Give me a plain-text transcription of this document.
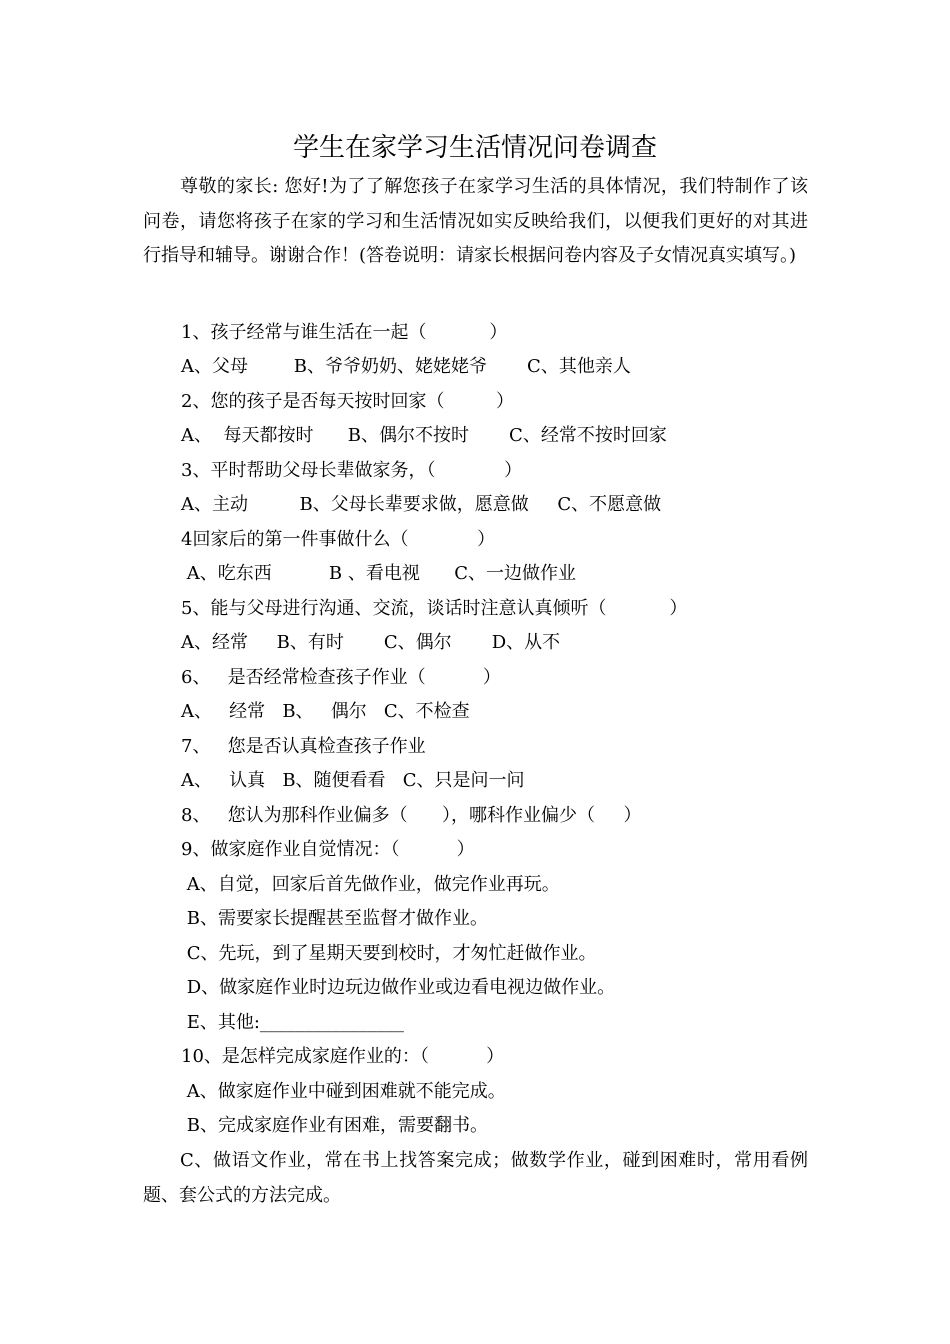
学生在家学习生活情况问卷调查
尊敬的家长: 您好!为了了解您孩子在家学习生活的具体情况，我们特制作了该问卷，请您将孩子在家的学习和生活情况如实反映给我们，以便我们更好的对其进行指导和辅导。谢谢合作！(答卷说明：请家长根据问卷内容及子女情况真实填写。)
1、孩子经常与谁生活在一起（           ）
A、父母        B、爷爷奶奶、姥姥姥爷       C、其他亲人
2、您的孩子是否每天按时回家（         ）
A、  每天都按时      B、偶尔不按时       C、经常不按时回家
3、平时帮助父母长辈做家务，（            ）
A、主动         B、父母长辈要求做，愿意做     C、不愿意做
4回家后的第一件事做什么（            ）
A、吃东西          B 、看电视      C、一边做作业
5、能与父母进行沟通、交流，谈话时注意认真倾听（           ）
A、经常     B、有时       C、偶尔       D、从不
6、   是否经常检查孩子作业（          ）
A、   经常   B、   偶尔   C、不检查
7、   您是否认真检查孩子作业
A、   认真   B、随便看看   C、只是问一问
8、   您认为那科作业偏多（      ），哪科作业偏少（     ）
9、做家庭作业自觉情况：（          ）
A、自觉，回家后首先做作业，做完作业再玩。
B、需要家长提醒甚至监督才做作业。
C、先玩，到了星期天要到校时，才匆忙赶做作业。
D、做家庭作业时边玩边做作业或边看电视边做作业。
E、其他:________________
10、是怎样完成家庭作业的：（          ）
A、做家庭作业中碰到困难就不能完成。
B、完成家庭作业有困难，需要翻书。
C、做语文作业，常在书上找答案完成；做数学作业，碰到困难时，常用看例题、套公式的方法完成。
